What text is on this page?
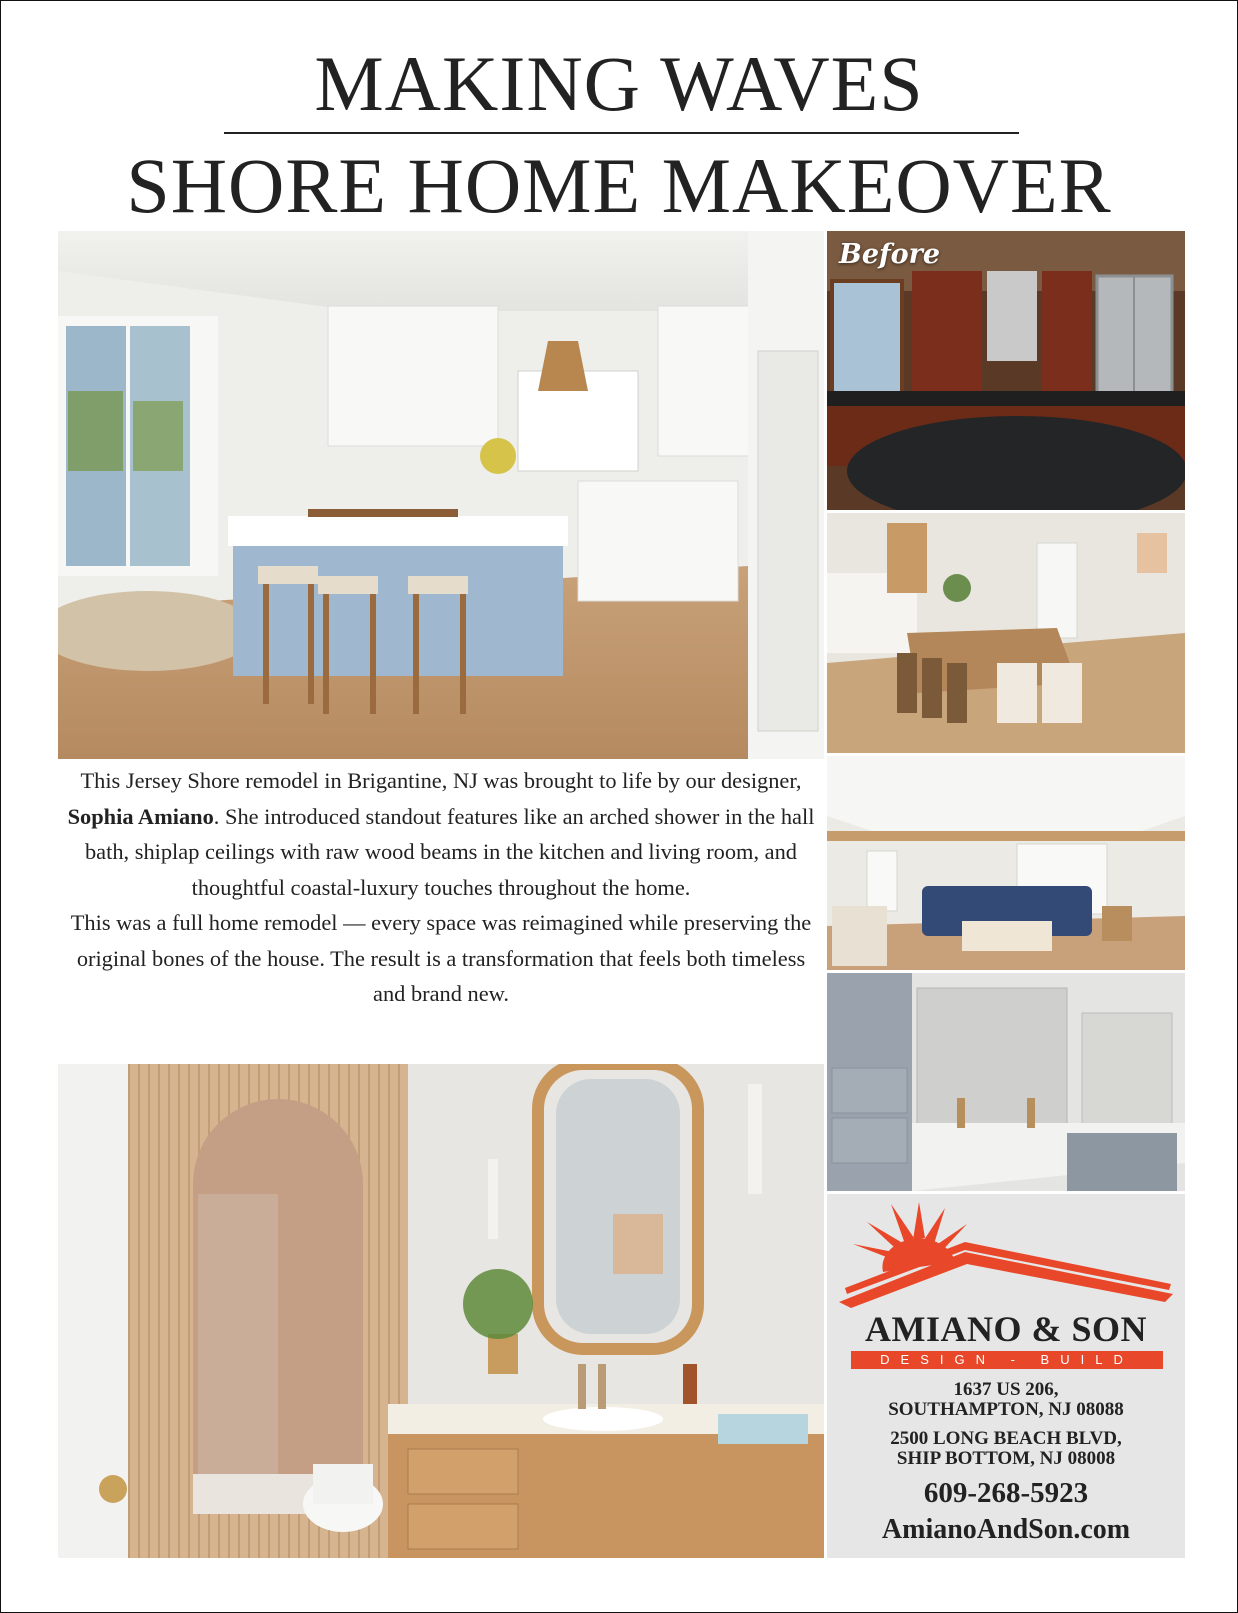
MAKING WAVES
SHORE HOME MAKEOVER
Before

This Jersey Shore remodel in Brigantine, NJ was brought to life by our designer, Sophia Amiano. She introduced standout features like an arched shower in the hall bath, shiplap ceilings with raw wood beams in the kitchen and living room, and thoughtful coastal-luxury touches throughout the home.

This was a full home remodel — every space was reimagined while preserving the original bones of the house. The result is a transformation that feels both timeless and brand new.

AMIANO & SON
DESIGN - BUILD
1637 US 206,
SOUTHAMPTON, NJ 08088
2500 LONG BEACH BLVD,
SHIP BOTTOM, NJ 08008
609-268-5923
AmianoAndSon.com
